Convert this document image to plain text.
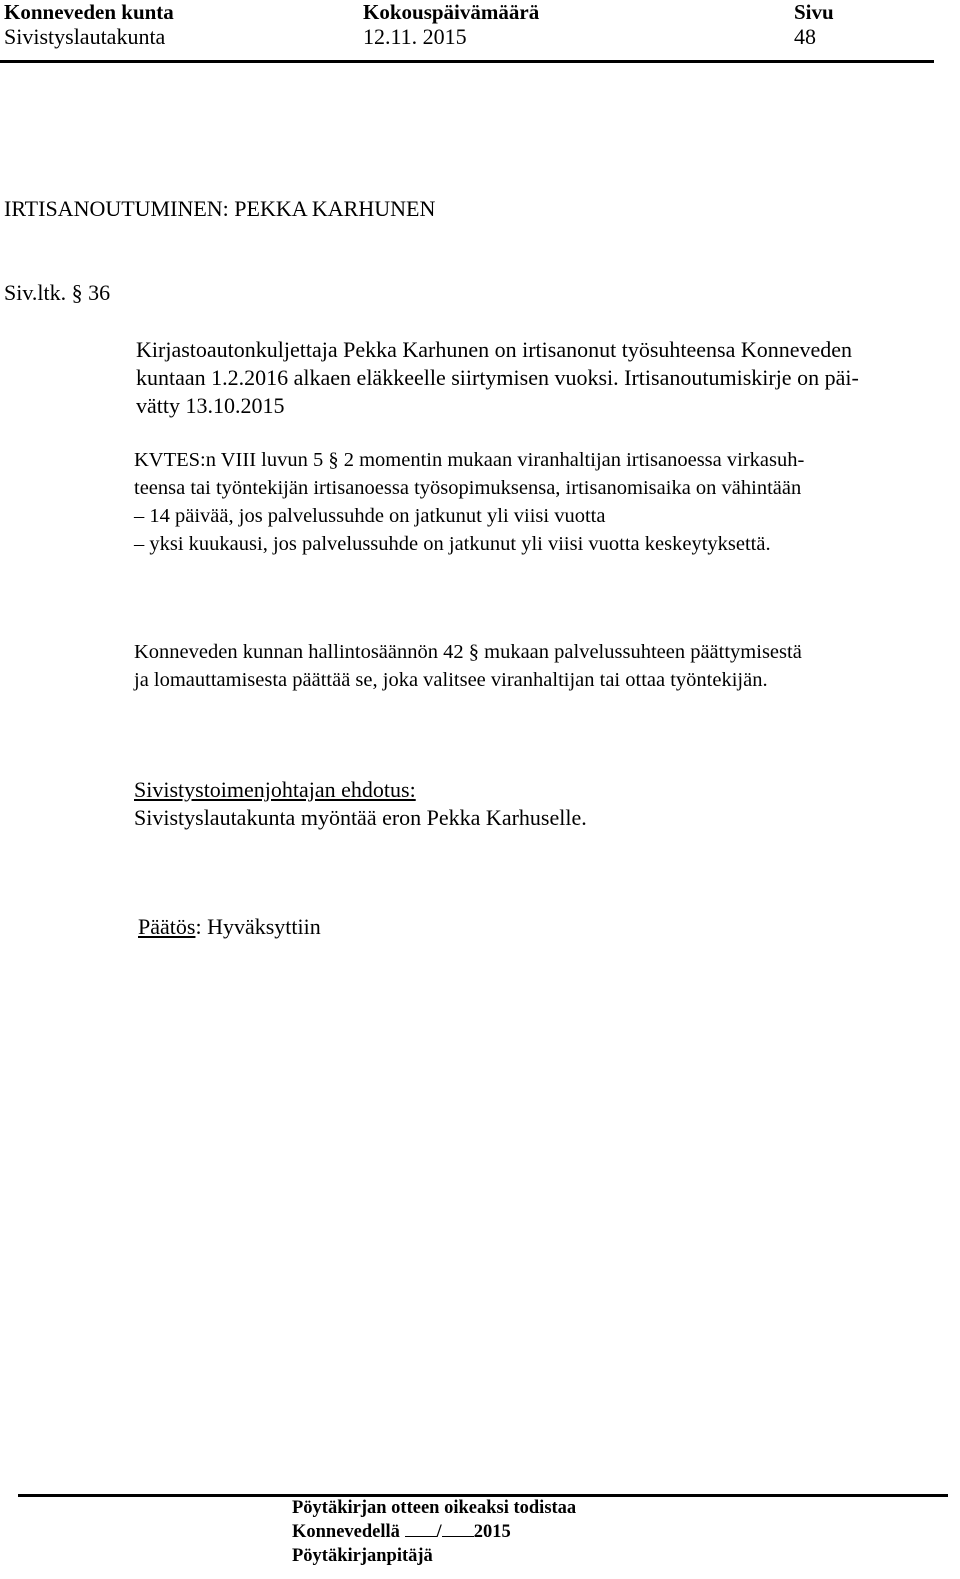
Konneveden kunta
Sivistyslautakunta
Kokouspäivämäärä
12.11. 2015
Sivu
48
IRTISANOUTUMINEN: PEKKA KARHUNEN
Siv.ltk. § 36
Kirjastoautonkuljettaja Pekka Karhunen on irtisanonut työsuhteensa Konneveden
kuntaan 1.2.2016 alkaen eläkkeelle siirtymisen vuoksi. Irtisanoutumiskirje on päi-
vätty 13.10.2015
KVTES:n VIII luvun 5 § 2 momentin mukaan viranhaltijan irtisanoessa virkasuh-
teensa tai työntekijän irtisanoessa työsopimuksensa, irtisanomisaika on vähintään
– 14 päivää, jos palvelussuhde on jatkunut yli viisi vuotta
– yksi kuukausi, jos palvelussuhde on jatkunut yli viisi vuotta keskeytyksettä.
Konneveden kunnan hallintosäännön 42 § mukaan palvelussuhteen päättymisestä
ja lomauttamisesta päättää se, joka valitsee viranhaltijan tai ottaa työntekijän.
Sivistystoimenjohtajan ehdotus:
Sivistyslautakunta myöntää eron Pekka Karhuselle.
Päätös: Hyväksyttiin
Pöytäkirjan otteen oikeaksi todistaa
Konnevedellä / 2015
Pöytäkirjanpitäjä
